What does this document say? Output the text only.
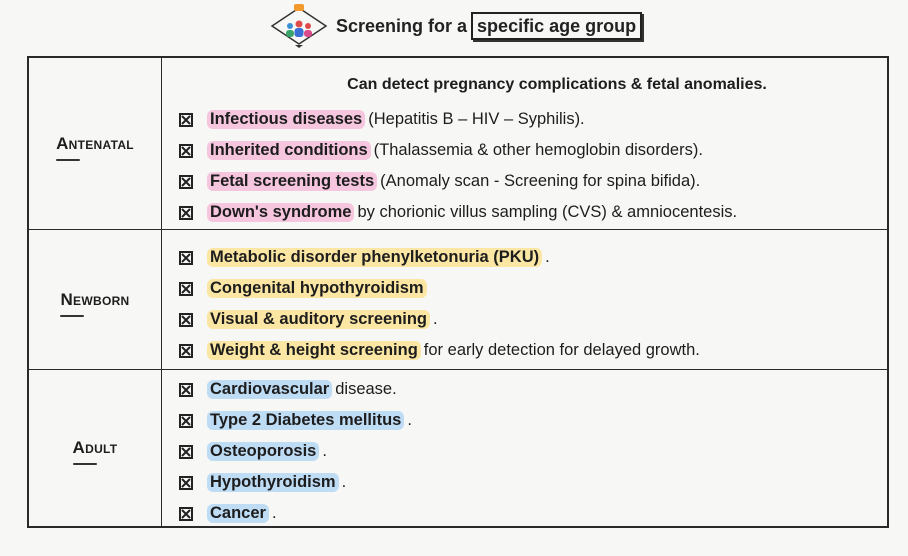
Screening for a specific age group
Antenatal
Can detect pregnancy complications & fetal anomalies.
Infectious diseases (Hepatitis B – HIV – Syphilis).
Inherited conditions (Thalassemia & other hemoglobin disorders).
Fetal screening tests (Anomaly scan - Screening for spina bifida).
Down's syndrome by chorionic villus sampling (CVS) & amniocentesis.
Newborn
Metabolic disorder phenylketonuria (PKU) .
Congenital hypothyroidism
Visual & auditory screening .
Weight & height screening for early detection for delayed growth.
Adult
Cardiovascular disease.
Type 2 Diabetes mellitus .
Osteoporosis .
Hypothyroidism .
Cancer .
